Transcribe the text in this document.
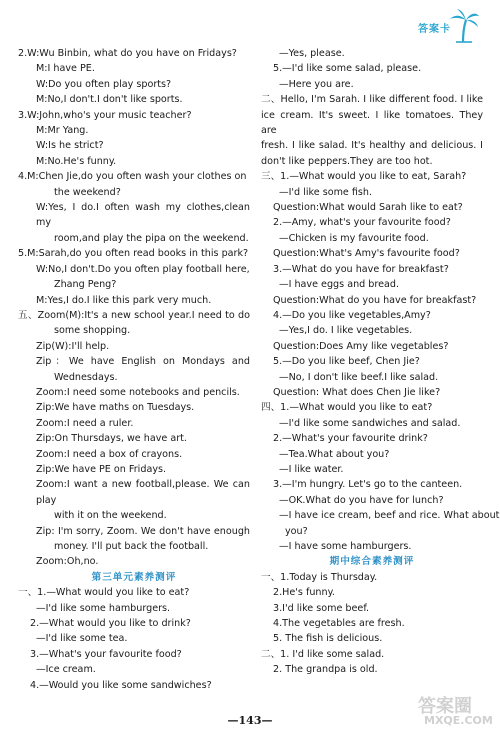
答案卡
2.W:Wu Binbin, what do you have on Fridays?
M:I have PE.
W:Do you often play sports?
M:No,I don't.I don't like sports.
3.W:John,who's your music teacher?
M:Mr Yang.
W:Is he strict?
M:No.He's funny.
4.M:Chen Jie,do you often wash your clothes on
the weekend?
W:Yes, I do.I often wash my clothes,clean my
room,and play the pipa on the weekend.
5.M:Sarah,do you often read books in this park?
W:No,I don't.Do you often play football here,
Zhang Peng?
M:Yes,I do.I like this park very much.
五、Zoom(M):It's a new school year.I need to do
some shopping.
Zip(W):I'll help.
Zip：We have English on Mondays and
Wednesdays.
Zoom:I need some notebooks and pencils.
Zip:We have maths on Tuesdays.
Zoom:I need a ruler.
Zip:On Thursdays, we have art.
Zoom:I need a box of crayons.
Zip:We have PE on Fridays.
Zoom:I want a new football,please. We can play
with it on the weekend.
Zip: I'm sorry, Zoom. We don't have enough
money. I'll put back the football.
Zoom:Oh,no.
第三单元素养测评
一、1.—What would you like to eat?
—I'd like some hamburgers.
2.—What would you like to drink?
—I'd like some tea.
3.—What's your favourite food?
—Ice cream.
4.—Would you like some sandwiches?
—Yes, please.
5.—I'd like some salad, please.
—Here you are.
二、Hello, I'm Sarah. I like different food. I like
ice cream. It's sweet. I like tomatoes. They are
fresh. I like salad. It's healthy and delicious. I
don't like peppers.They are too hot.
三、1.—What would you like to eat, Sarah?
—I'd like some fish.
Question:What would Sarah like to eat?
2.—Amy, what's your favourite food?
—Chicken is my favourite food.
Question:What's Amy's favourite food?
3.—What do you have for breakfast?
—I have eggs and bread.
Question:What do you have for breakfast?
4.—Do you like vegetables,Amy?
—Yes,I do. I like vegetables.
Question:Does Amy like vegetables?
5.—Do you like beef, Chen Jie?
—No, I don't like beef.I like salad.
Question: What does Chen Jie like?
四、1.—What would you like to eat?
—I'd like some sandwiches and salad.
2.—What's your favourite drink?
—Tea.What about you?
—I like water.
3.—I'm hungry. Let's go to the canteen.
—OK.What do you have for lunch?
—I have ice cream, beef and rice. What about
you?
—I have some hamburgers.
期中综合素养测评
一、1.Today is Thursday.
2.He's funny.
3.I'd like some beef.
4.The vegetables are fresh.
5. The fish is delicious.
二、1. I'd like some salad.
2. The grandpa is old.
—143—
答案圈
MXQE.COM
